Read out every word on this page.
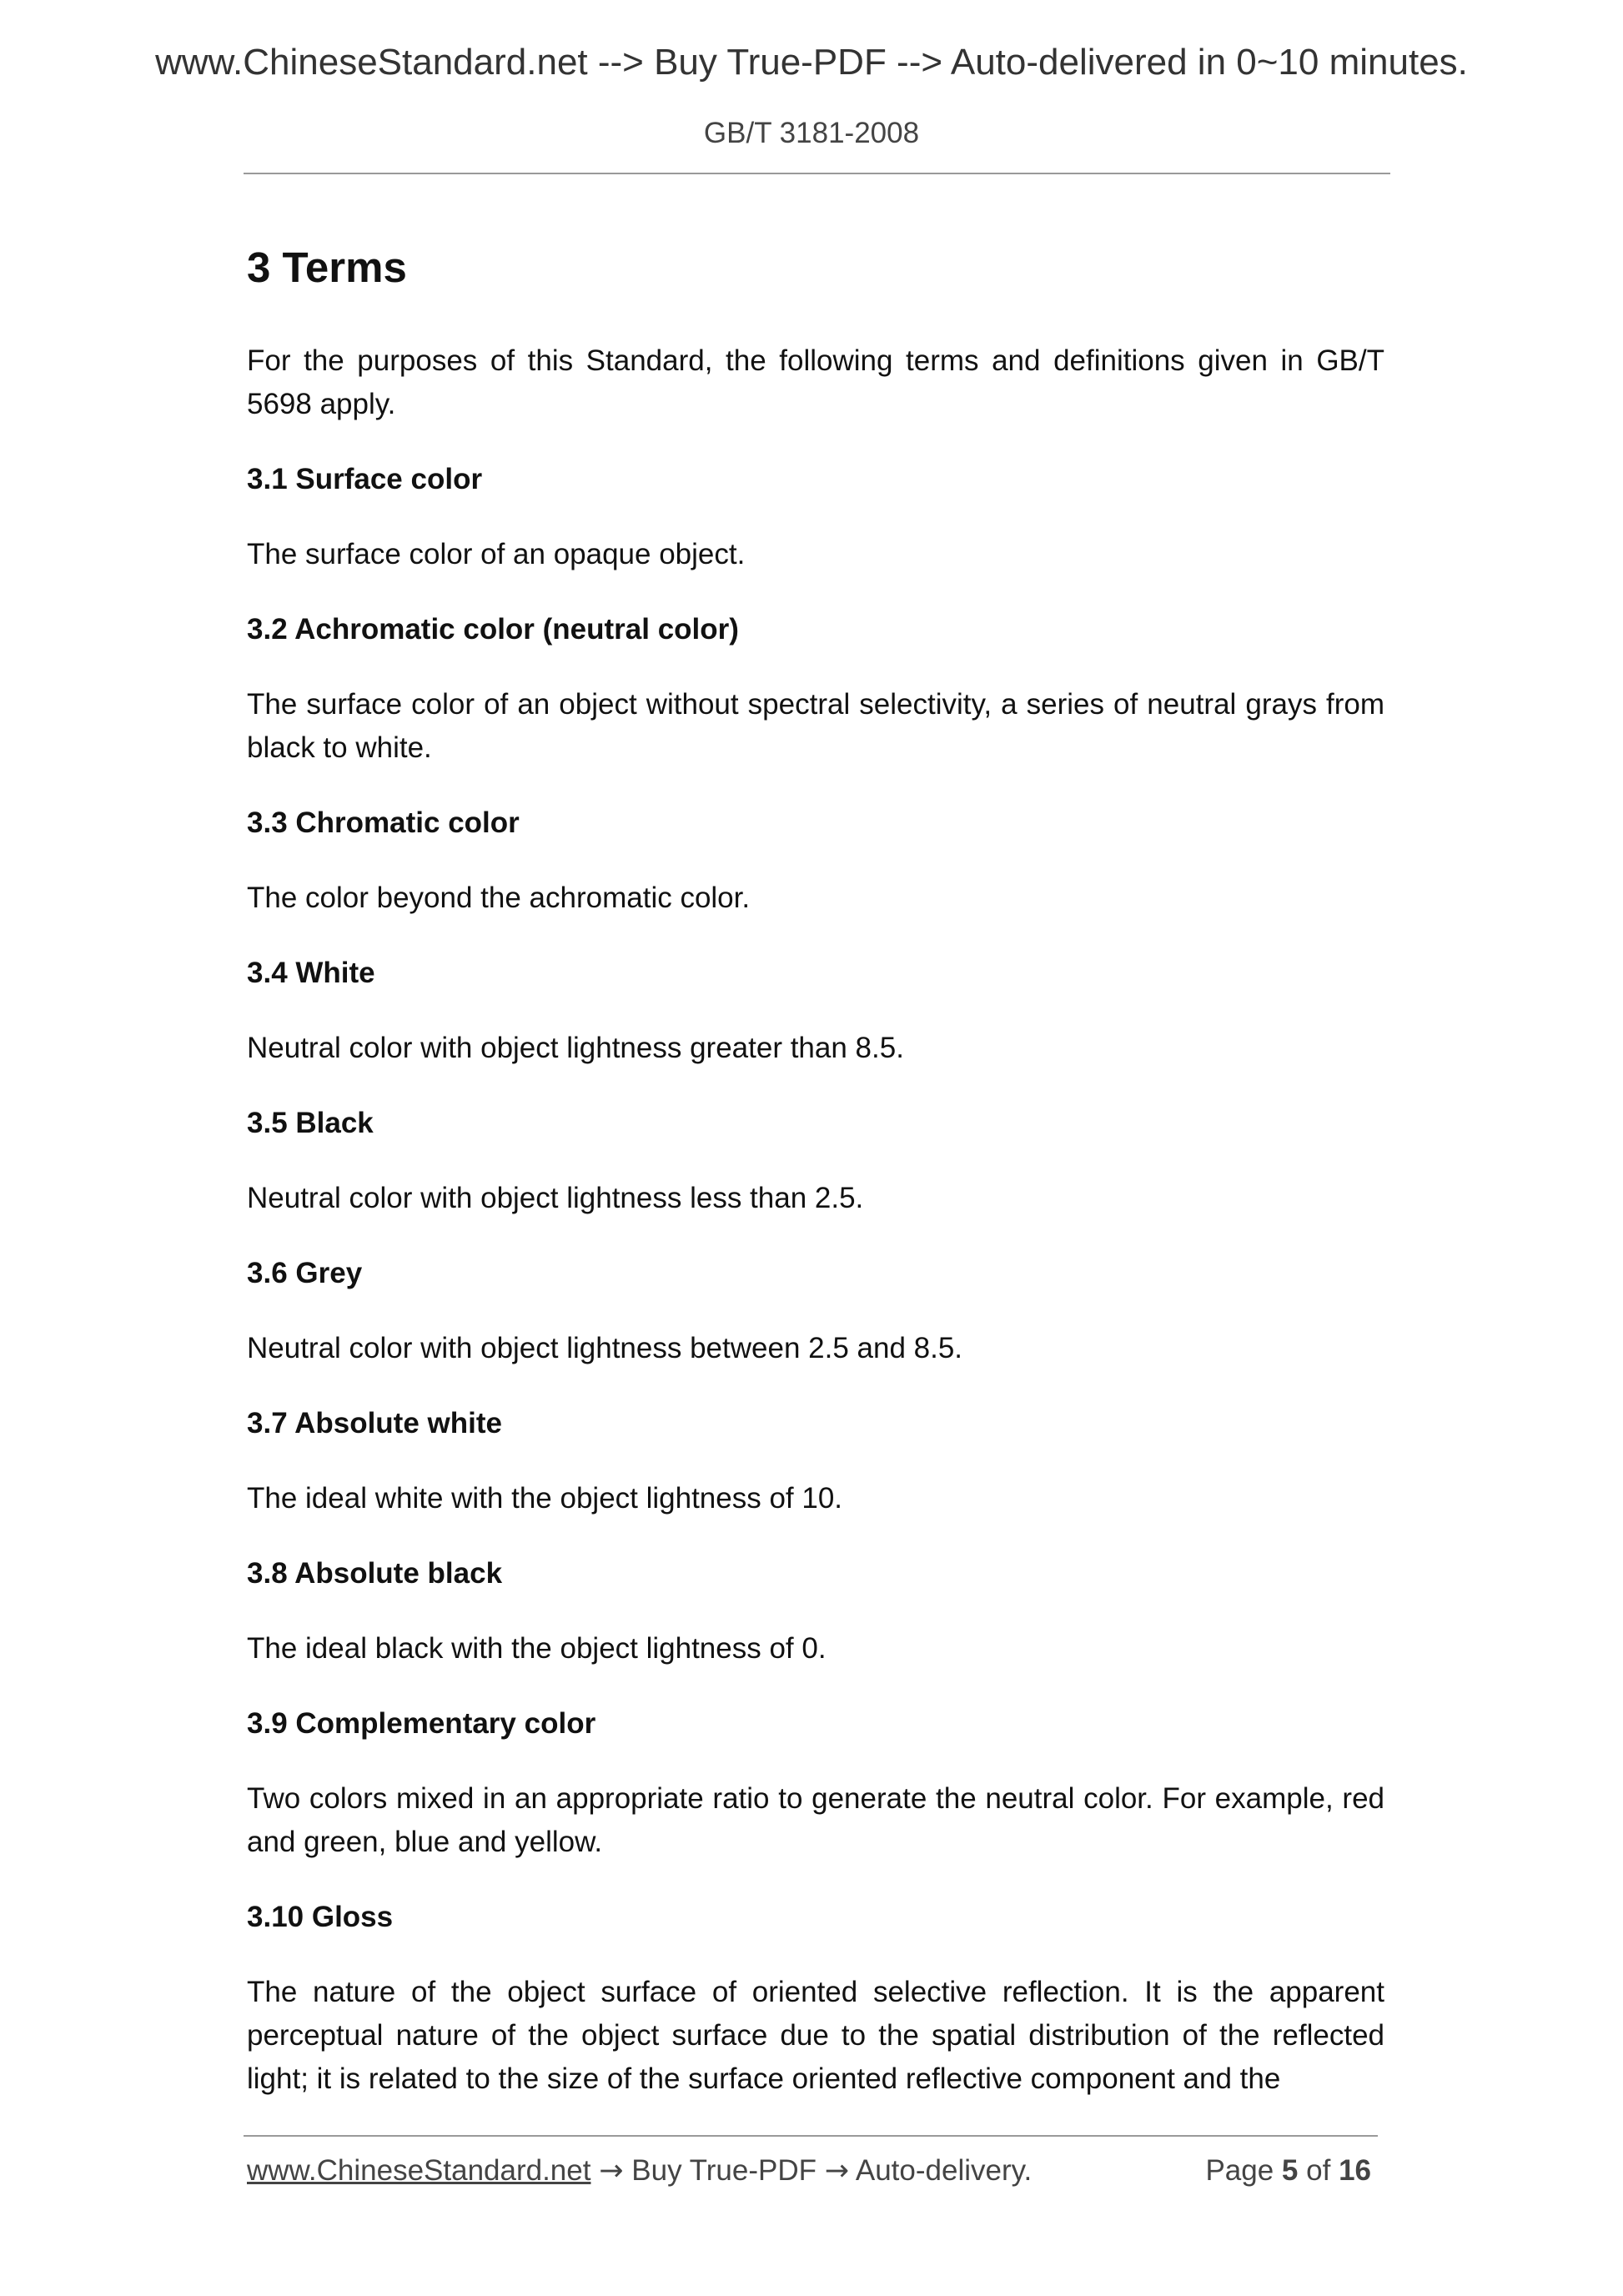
www.ChineseStandard.net --> Buy True-PDF --> Auto-delivered in 0~10 minutes.
GB/T 3181-2008
3 Terms

For the purposes of this Standard, the following terms and definitions given in GB/T 5698 apply.

3.1 Surface color

The surface color of an opaque object.

3.2 Achromatic color (neutral color)

The surface color of an object without spectral selectivity, a series of neutral grays from black to white.

3.3 Chromatic color

The color beyond the achromatic color.

3.4 White

Neutral color with object lightness greater than 8.5.

3.5 Black

Neutral color with object lightness less than 2.5.

3.6 Grey

Neutral color with object lightness between 2.5 and 8.5.

3.7 Absolute white

The ideal white with the object lightness of 10.

3.8 Absolute black

The ideal black with the object lightness of 0.

3.9 Complementary color

Two colors mixed in an appropriate ratio to generate the neutral color. For example, red and green, blue and yellow.

3.10 Gloss

The nature of the object surface of oriented selective reflection. It is the apparent perceptual nature of the object surface due to the spatial distribution of the reflected light; it is related to the size of the surface oriented reflective component and the

www.ChineseStandard.net → Buy True-PDF → Auto-delivery.	Page 5 of 16
